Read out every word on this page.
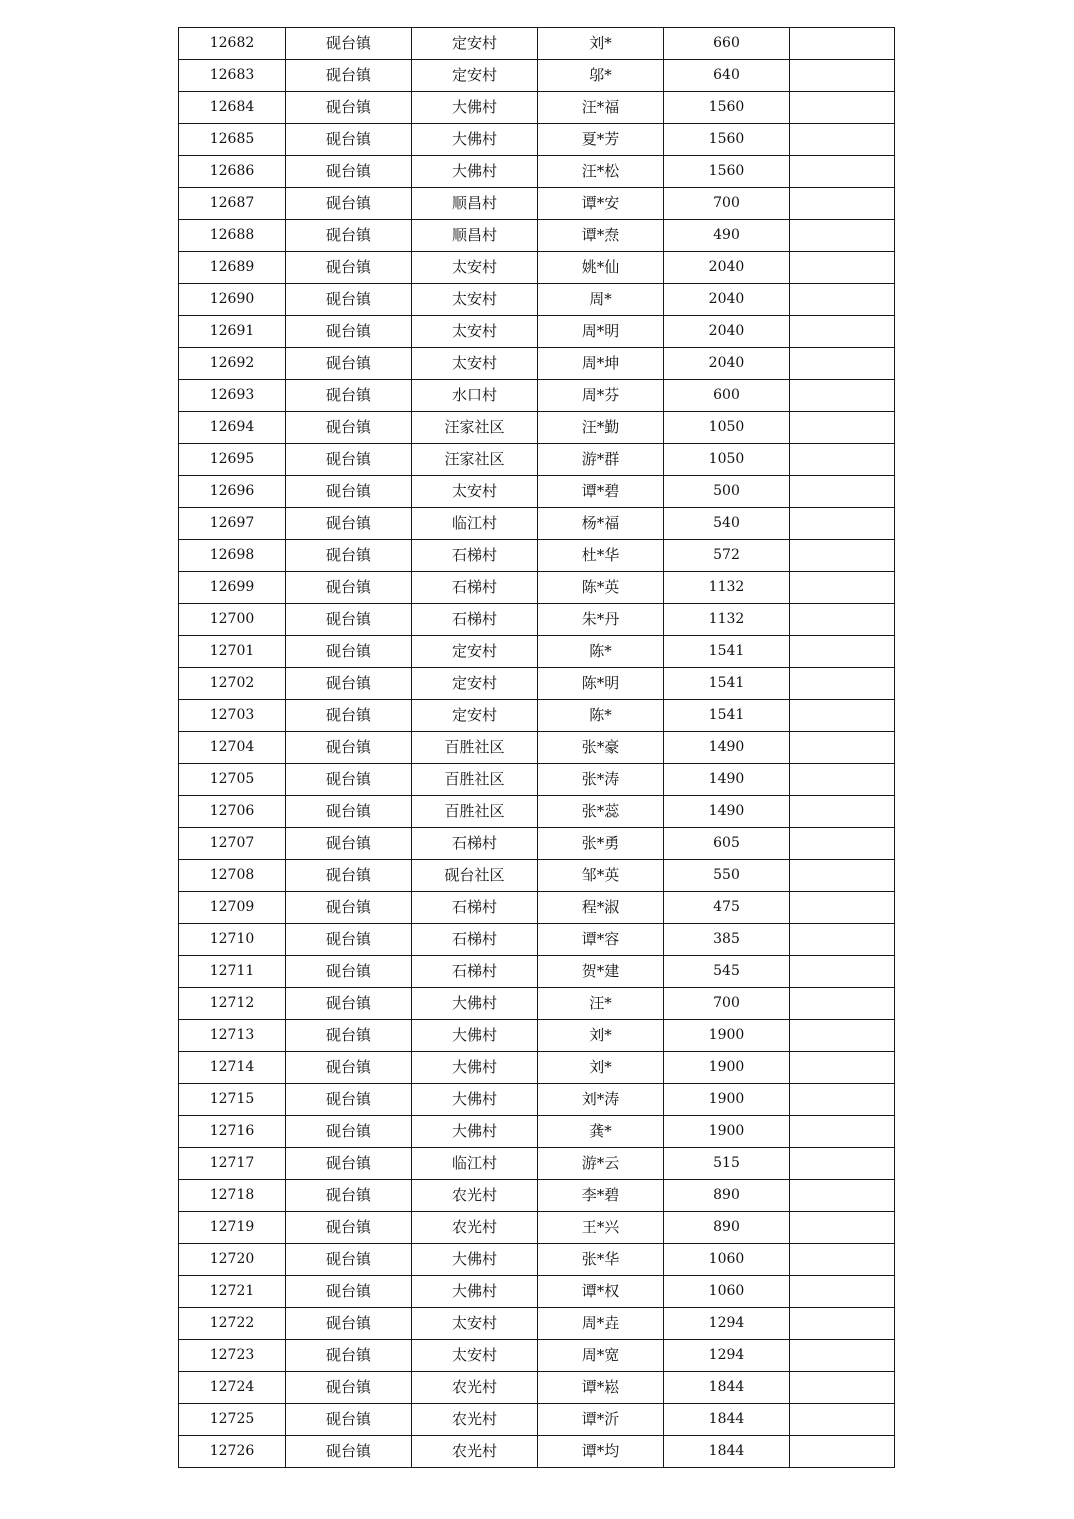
12682	砚台镇	定安村	刘*	660	
12683	砚台镇	定安村	邬*	640	
12684	砚台镇	大佛村	汪*福	1560	
12685	砚台镇	大佛村	夏*芳	1560	
12686	砚台镇	大佛村	汪*松	1560	
12687	砚台镇	顺昌村	谭*安	700	
12688	砚台镇	顺昌村	谭*焘	490	
12689	砚台镇	太安村	姚*仙	2040	
12690	砚台镇	太安村	周*	2040	
12691	砚台镇	太安村	周*明	2040	
12692	砚台镇	太安村	周*坤	2040	
12693	砚台镇	水口村	周*芬	600	
12694	砚台镇	汪家社区	汪*勤	1050	
12695	砚台镇	汪家社区	游*群	1050	
12696	砚台镇	太安村	谭*碧	500	
12697	砚台镇	临江村	杨*福	540	
12698	砚台镇	石梯村	杜*华	572	
12699	砚台镇	石梯村	陈*英	1132	
12700	砚台镇	石梯村	朱*丹	1132	
12701	砚台镇	定安村	陈*	1541	
12702	砚台镇	定安村	陈*明	1541	
12703	砚台镇	定安村	陈*	1541	
12704	砚台镇	百胜社区	张*豪	1490	
12705	砚台镇	百胜社区	张*涛	1490	
12706	砚台镇	百胜社区	张*蕊	1490	
12707	砚台镇	石梯村	张*勇	605	
12708	砚台镇	砚台社区	邹*英	550	
12709	砚台镇	石梯村	程*淑	475	
12710	砚台镇	石梯村	谭*容	385	
12711	砚台镇	石梯村	贺*建	545	
12712	砚台镇	大佛村	汪*	700	
12713	砚台镇	大佛村	刘*	1900	
12714	砚台镇	大佛村	刘*	1900	
12715	砚台镇	大佛村	刘*涛	1900	
12716	砚台镇	大佛村	龚*	1900	
12717	砚台镇	临江村	游*云	515	
12718	砚台镇	农光村	李*碧	890	
12719	砚台镇	农光村	王*兴	890	
12720	砚台镇	大佛村	张*华	1060	
12721	砚台镇	大佛村	谭*权	1060	
12722	砚台镇	太安村	周*垚	1294	
12723	砚台镇	太安村	周*宽	1294	
12724	砚台镇	农光村	谭*崧	1844	
12725	砚台镇	农光村	谭*沂	1844	
12726	砚台镇	农光村	谭*均	1844	
